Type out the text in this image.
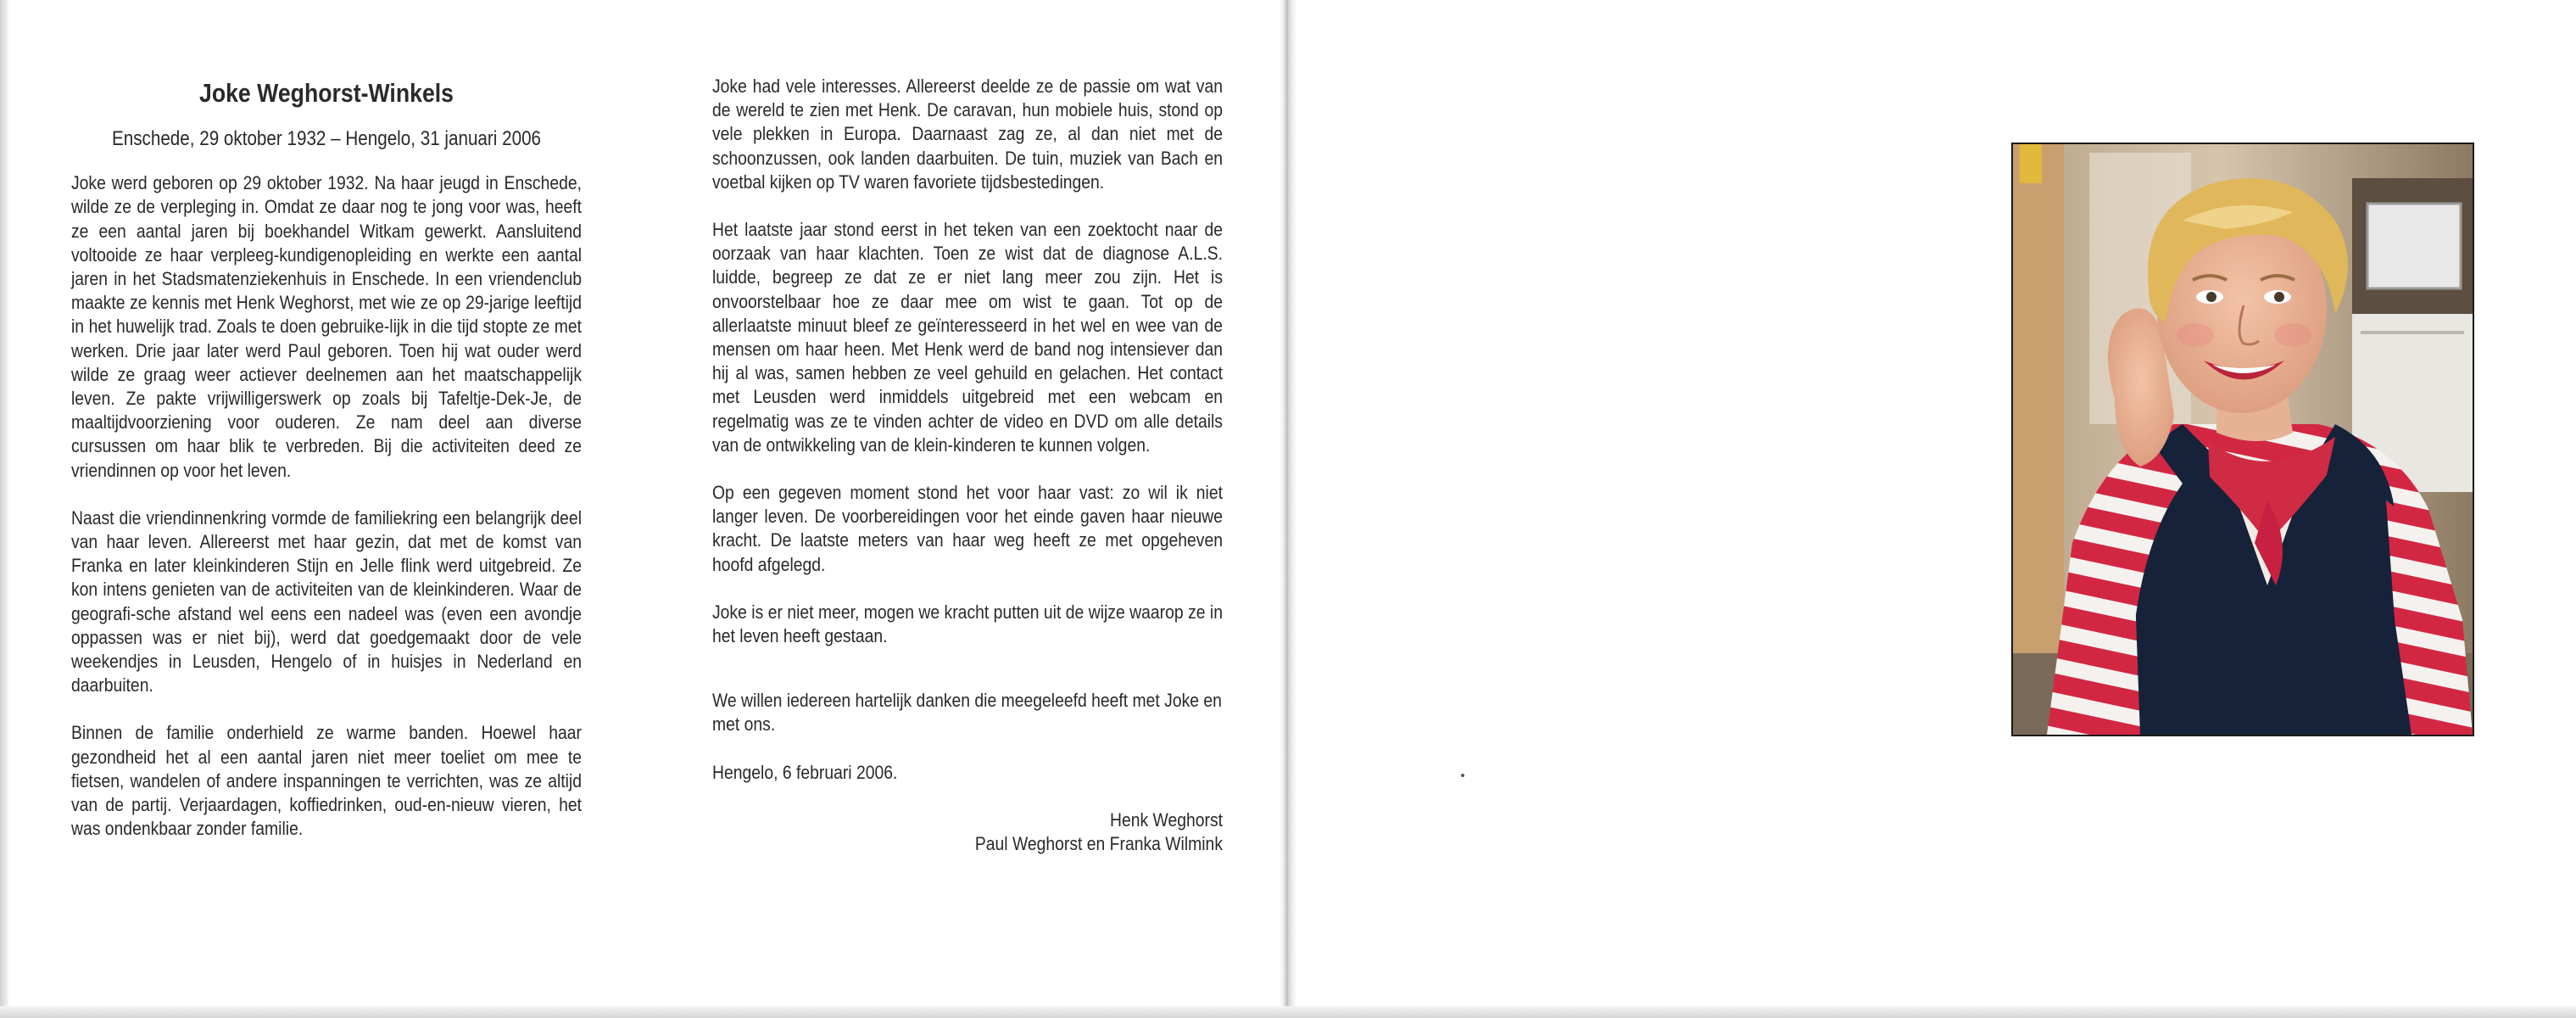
Joke Weghorst-Winkels
Enschede, 29 oktober 1932 – Hengelo, 31 januari 2006

Joke werd geboren op 29 oktober 1932. Na haar jeugd in Enschede, wilde ze de verpleging in. Omdat ze daar nog te jong voor was, heeft ze een aantal jaren bij boekhandel Witkam gewerkt. Aansluitend voltooide ze haar verpleeg-kundigenopleiding en werkte een aantal jaren in het Stadsmatenziekenhuis in Enschede. In een vriendenclub maakte ze kennis met Henk Weghorst, met wie ze op 29-jarige leeftijd in het huwelijk trad. Zoals te doen gebruike-lijk in die tijd stopte ze met werken. Drie jaar later werd Paul geboren. Toen hij wat ouder werd wilde ze graag weer actiever deelnemen aan het maatschappelijk leven. Ze pakte vrijwilligerswerk op zoals bij Tafeltje-Dek-Je, de maaltijdvoorziening voor ouderen. Ze nam deel aan diverse cursussen om haar blik te verbreden. Bij die activiteiten deed ze vriendinnen op voor het leven.

Naast die vriendinnenkring vormde de familiekring een belangrijk deel van haar leven. Allereerst met haar gezin, dat met de komst van Franka en later kleinkinderen Stijn en Jelle flink werd uitgebreid. Ze kon intens genieten van de activiteiten van de kleinkinderen. Waar de geografi-sche afstand wel eens een nadeel was (even een avondje oppassen was er niet bij), werd dat goedgemaakt door de vele weekendjes in Leusden, Hengelo of in huisjes in Nederland en daarbuiten.

Binnen de familie onderhield ze warme banden. Hoewel haar gezondheid het al een aantal jaren niet meer toeliet om mee te fietsen, wandelen of andere inspanningen te verrichten, was ze altijd van de partij. Verjaardagen, koffiedrinken, oud-en-nieuw vieren, het was ondenkbaar zonder familie.

Joke had vele interesses. Allereerst deelde ze de passie om wat van de wereld te zien met Henk. De caravan, hun mobiele huis, stond op vele plekken in Europa. Daarnaast zag ze, al dan niet met de schoonzussen, ook landen daarbuiten. De tuin, muziek van Bach en voetbal kijken op TV waren favoriete tijdsbestedingen.

Het laatste jaar stond eerst in het teken van een zoektocht naar de oorzaak van haar klachten. Toen ze wist dat de diagnose A.L.S. luidde, begreep ze dat ze er niet lang meer zou zijn. Het is onvoorstelbaar hoe ze daar mee om wist te gaan. Tot op de allerlaatste minuut bleef ze geïnteresseerd in het wel en wee van de mensen om haar heen. Met Henk werd de band nog intensiever dan hij al was, samen hebben ze veel gehuild en gelachen. Het contact met Leusden werd inmiddels uitgebreid met een webcam en regelmatig was ze te vinden achter de video en DVD om alle details van de ontwikkeling van de klein-kinderen te kunnen volgen.

Op een gegeven moment stond het voor haar vast: zo wil ik niet langer leven. De voorbereidingen voor het einde gaven haar nieuwe kracht. De laatste meters van haar weg heeft ze met opgeheven hoofd afgelegd.

Joke is er niet meer, mogen we kracht putten uit de wijze waarop ze in het leven heeft gestaan.

We willen iedereen hartelijk danken die meegeleefd heeft met Joke en met ons.

Hengelo, 6 februari 2006.

Henk Weghorst

Paul Weghorst en Franka Wilmink
